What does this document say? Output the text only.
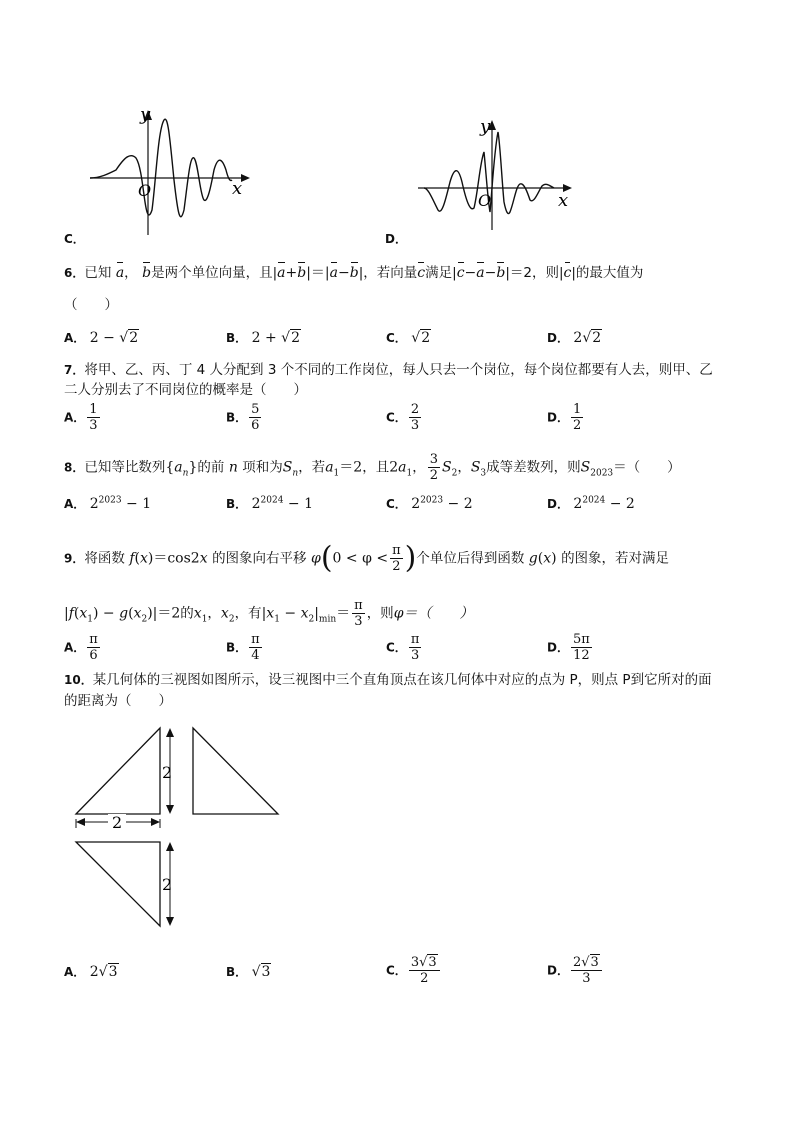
x
y
O
C．
x
y
O
D．
6．已知 a， b是两个单位向量，且|a+b|＝|a−b|，若向量c满足|c−a−b|＝2，则|c|的最大值为
（　　）
A． 2 − √2	B． 2 + √2	C． √2	D． 2√2
7．将甲、乙、丙、丁 4 人分配到 3 个不同的工作岗位，每人只去一个岗位，每个岗位都要有人去，则甲、乙
二人分别去了不同岗位的概率是（　　）
A． $\frac{1}{3}$	B． $\frac{5}{6}$	C． $\frac{2}{3}$	D． $\frac{1}{2}$
8．已知等比数列$\{a_n\}$的前 n 项和为$S_n$，若$a_1=2$，且$2a_1$， $\frac{3}{2} S_2$，$S_3$成等差数列，则$S_{2023}=$（　　）
A． $2^{2023} - 1$	B． $2^{2024} - 1$	C． $2^{2023} - 2$	D． $2^{2024} - 2$
9．将函数 f(x)＝cos2x 的图象向右平移 $\varphi(0 < \varphi < \frac{\pi}{2}$ )个单位后得到函数 g(x) 的图象，若对满足
$|f(x_1) - g(x_2)|=2$的$x_1$，$x_2$，有$|x_1 - x_2|_{min}= \frac{\pi}{3}$ ，则φ＝（　　）
A． $\frac{\pi}{6}$	B． $\frac{\pi}{4}$	C． $\frac{\pi}{3}$	D． $\frac{5\pi}{12}$
10．某几何体的三视图如图所示，设三视图中三个直角顶点在该几何体中对应的点为 P，则点 P到它所对的面
的距离为（　　）
2
2
2
A． 2√3	B． √3	C． $\frac{3√3}{2}$	D． $\frac{2√3}{3}$
